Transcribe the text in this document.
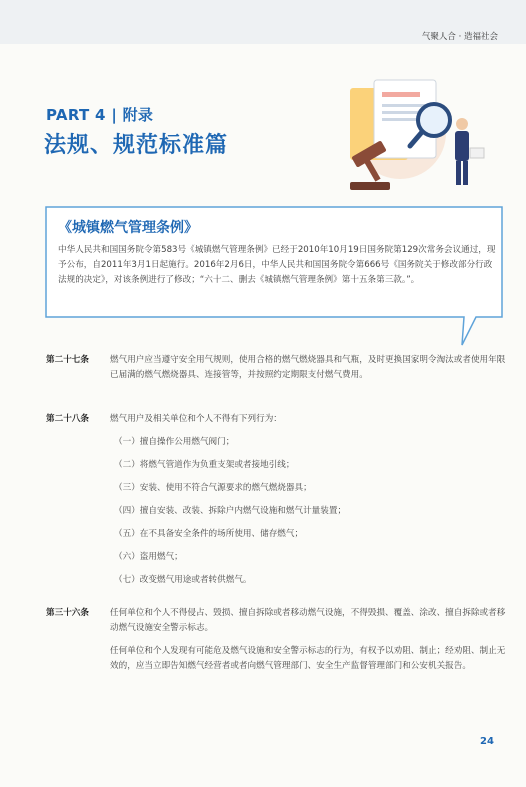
气聚人合 · 造福社会
PART 4 | 附录
法规、规范标准篇
《城镇燃气管理条例》
中华人民共和国国务院令第583号《城镇燃气管理条例》已经于2010年10月19日国务院第129次常务会议通过，现予公布，自2011年3月1日起施行。2016年2月6日，中华人民共和国国务院令第666号《国务院关于修改部分行政法规的决定》，对该条例进行了修改；“六十二、删去《城镇燃气管理条例》第十五条第三款。”。
第二十七条 燃气用户应当遵守安全用气规则，使用合格的燃气燃烧器具和气瓶，及时更换国家明令淘汰或者使用年限已届满的燃气燃烧器具、连接管等，并按照约定期限支付燃气费用。
第二十八条 燃气用户及相关单位和个人不得有下列行为：
（一）擅自操作公用燃气阀门；
（二）将燃气管道作为负重支架或者接地引线；
（三）安装、使用不符合气源要求的燃气燃烧器具；
（四）擅自安装、改装、拆除户内燃气设施和燃气计量装置；
（五）在不具备安全条件的场所使用、储存燃气；
（六）盗用燃气；
（七）改变燃气用途或者转供燃气。
第三十六条 任何单位和个人不得侵占、毁损、擅自拆除或者移动燃气设施，不得毁损、覆盖、涂改、擅自拆除或者移动燃气设施安全警示标志。
任何单位和个人发现有可能危及燃气设施和安全警示标志的行为，有权予以劝阻、制止；经劝阻、制止无效的，应当立即告知燃气经营者或者向燃气管理部门、安全生产监督管理部门和公安机关报告。
24
